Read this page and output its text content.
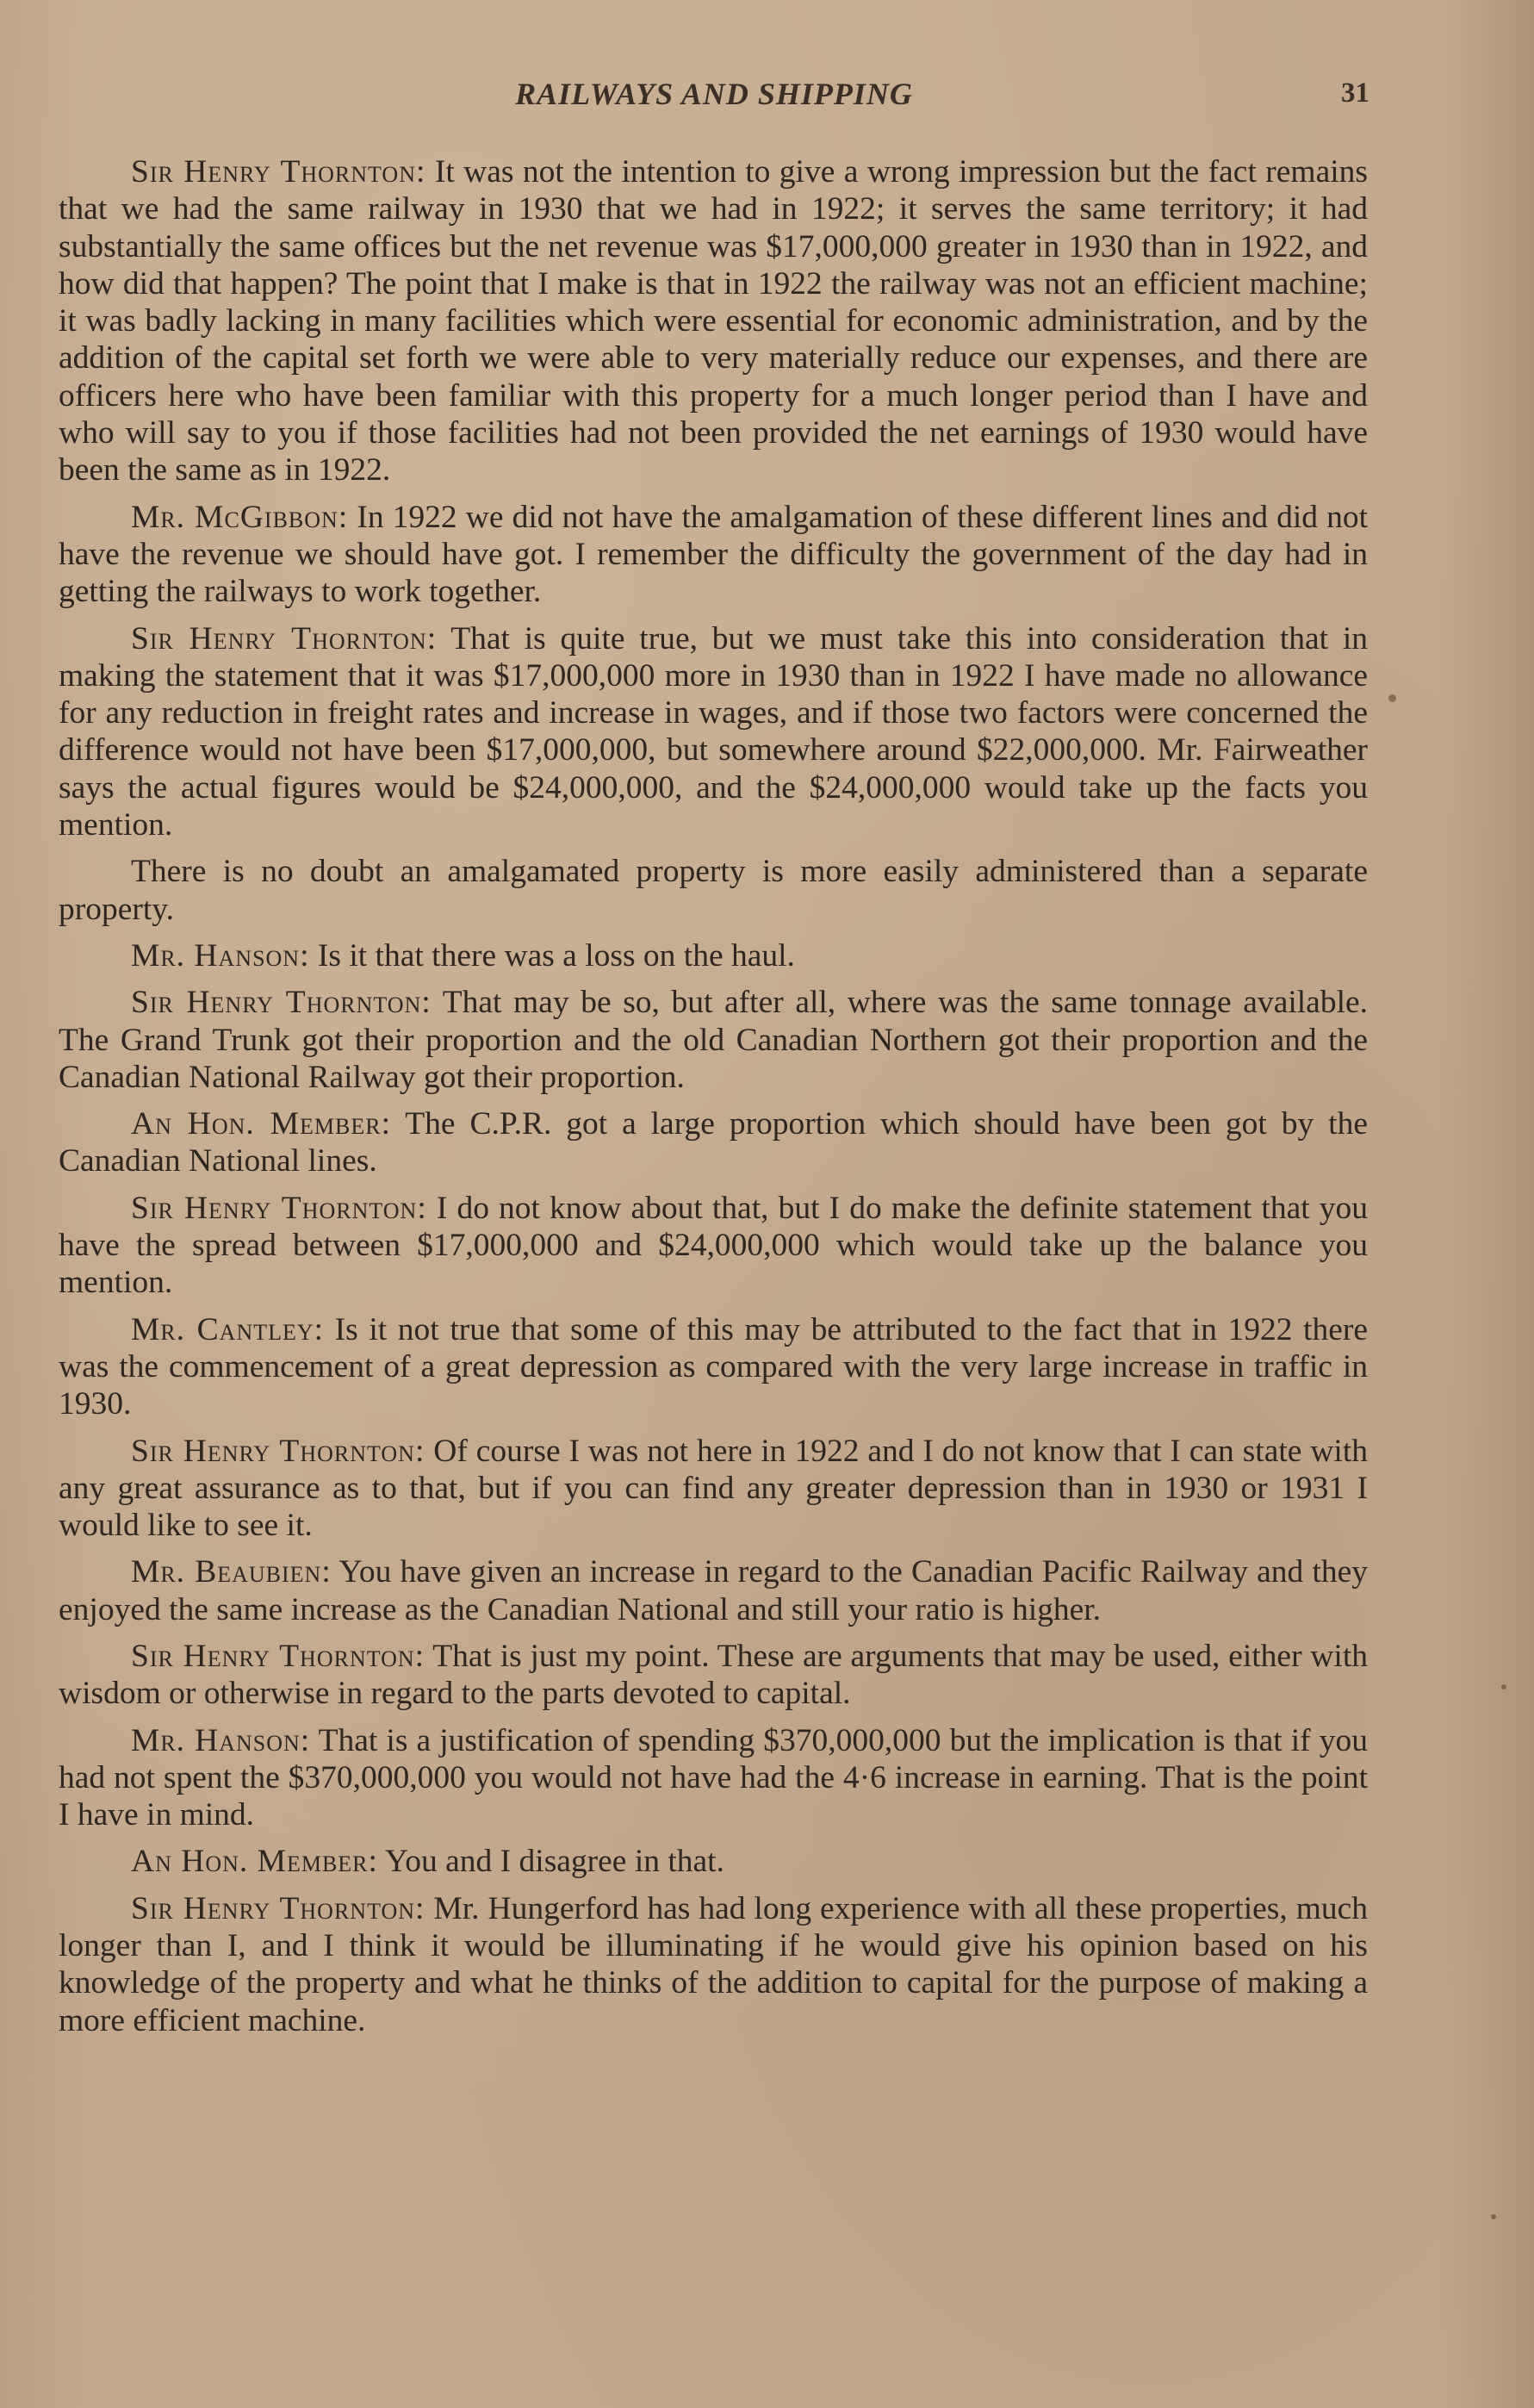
RAILWAYS AND SHIPPING	31

Sir Henry Thornton: It was not the intention to give a wrong impression but the fact remains that we had the same railway in 1930 that we had in 1922; it serves the same territory; it had substantially the same offices but the net revenue was $17,000,000 greater in 1930 than in 1922, and how did that happen? The point that I make is that in 1922 the railway was not an efficient machine; it was badly lacking in many facilities which were essential for economic administration, and by the addition of the capital set forth we were able to very materially reduce our expenses, and there are officers here who have been familiar with this property for a much longer period than I have and who will say to you if those facilities had not been provided the net earnings of 1930 would have been the same as in 1922.

Mr. McGibbon: In 1922 we did not have the amalgamation of these different lines and did not have the revenue we should have got. I remember the difficulty the government of the day had in getting the railways to work together.

Sir Henry Thornton: That is quite true, but we must take this into consideration that in making the statement that it was $17,000,000 more in 1930 than in 1922 I have made no allowance for any reduction in freight rates and increase in wages, and if those two factors were concerned the difference would not have been $17,000,000, but somewhere around $22,000,000. Mr. Fairweather says the actual figures would be $24,000,000, and the $24,000,000 would take up the facts you mention.

There is no doubt an amalgamated property is more easily administered than a separate property.

Mr. Hanson: Is it that there was a loss on the haul.

Sir Henry Thornton: That may be so, but after all, where was the same tonnage available. The Grand Trunk got their proportion and the old Canadian Northern got their proportion and the Canadian National Railway got their proportion.

An Hon. Member: The C.P.R. got a large proportion which should have been got by the Canadian National lines.

Sir Henry Thornton: I do not know about that, but I do make the definite statement that you have the spread between $17,000,000 and $24,000,000 which would take up the balance you mention.

Mr. Cantley: Is it not true that some of this may be attributed to the fact that in 1922 there was the commencement of a great depression as compared with the very large increase in traffic in 1930.

Sir Henry Thornton: Of course I was not here in 1922 and I do not know that I can state with any great assurance as to that, but if you can find any greater depression than in 1930 or 1931 I would like to see it.

Mr. Beaubien: You have given an increase in regard to the Canadian Pacific Railway and they enjoyed the same increase as the Canadian National and still your ratio is higher.

Sir Henry Thornton: That is just my point. These are arguments that may be used, either with wisdom or otherwise in regard to the parts devoted to capital.

Mr. Hanson: That is a justification of spending $370,000,000 but the implication is that if you had not spent the $370,000,000 you would not have had the 4·6 increase in earning. That is the point I have in mind.

An Hon. Member: You and I disagree in that.

Sir Henry Thornton: Mr. Hungerford has had long experience with all these properties, much longer than I, and I think it would be illuminating if he would give his opinion based on his knowledge of the property and what he thinks of the addition to capital for the purpose of making a more efficient machine.
